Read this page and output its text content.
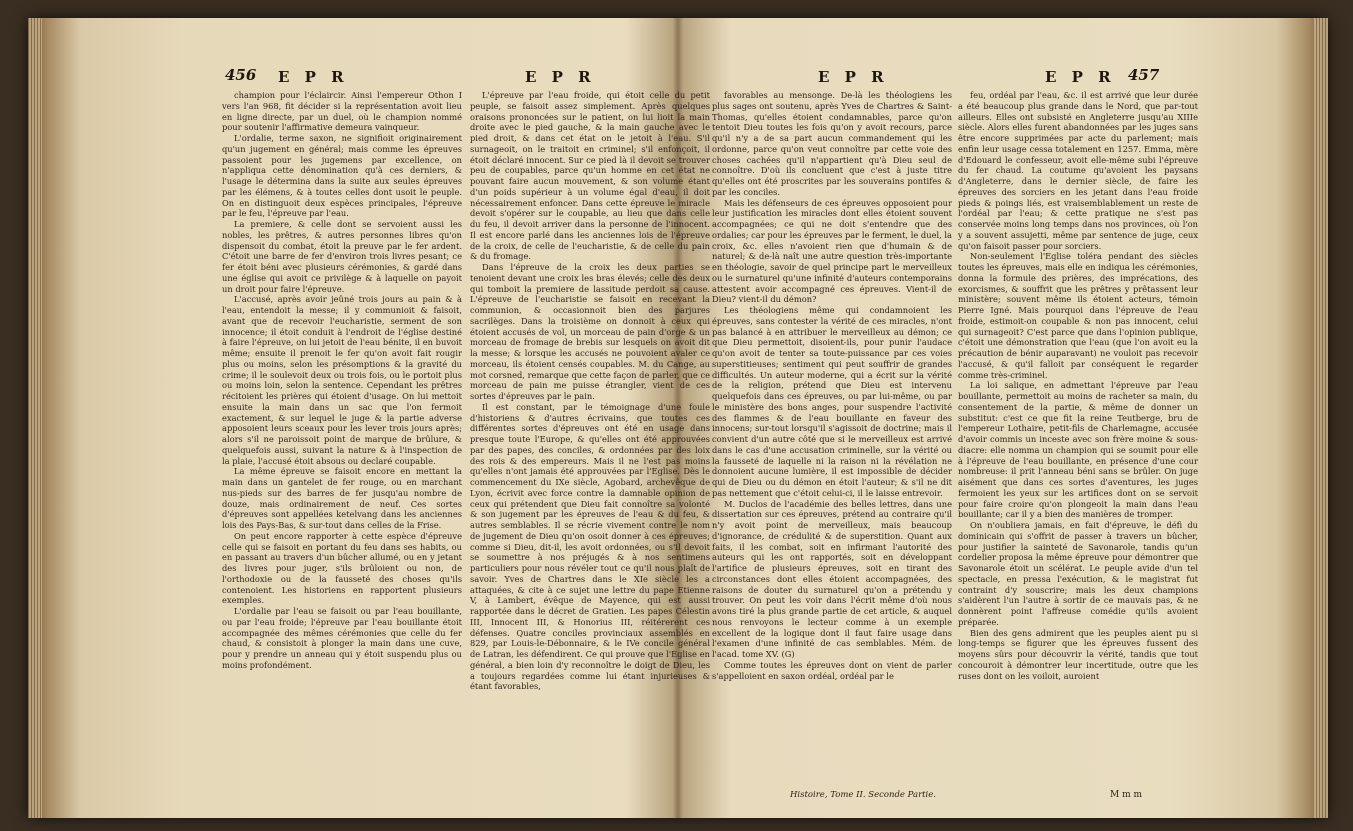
456 E P R	E P R	E P R	E P R 457

champion pour l'éclaircir. Ainsi l'empereur Othon I vers l'an 968, fit décider si la représentation avoit lieu en ligne directe, par un duel, où le champion nommé pour soutenir l'affirmative demeura vainqueur.

L'ordalie, terme saxon, ne signifioit originairement qu'un jugement en général; mais comme les épreuves passoient pour les jugemens par excellence, on n'appliqua cette dénomination qu'à ces derniers, & l'usage le détermina dans la suite aux seules épreuves par les élémens, & à toutes celles dont usoit le peuple. On en distinguoit deux espèces principales, l'épreuve par le feu, l'épreuve par l'eau.

La premiere, & celle dont se servoient aussi les nobles, les prêtres, & autres personnes libres qu'on dispensoit du combat, étoit la preuve par le fer ardent. C'étoit une barre de fer d'environ trois livres pesant; ce fer étoit béni avec plusieurs cérémonies, & gardé dans une église qui avoit ce privilège & à laquelle on payoit un droit pour faire l'épreuve.

L'accusé, après avoir jeûné trois jours au pain & à l'eau, entendoit la messe; il y communioit & faisoit, avant que de recevoir l'eucharistie, serment de son innocence; il étoit conduit à l'endroit de l'église destiné à faire l'épreuve, on lui jetoit de l'eau bénite, il en buvoit même; ensuite il prenoit le fer qu'on avoit fait rougir plus ou moins, selon les présomptions & la gravité du crime; il le soulevoit deux ou trois fois, ou le portoit plus ou moins loin, selon la sentence. Cependant les prêtres récitoient les prières qui étoient d'usage. On lui mettoit ensuite la main dans un sac que l'on fermoit exactement, & sur lequel le juge & la partie adverse apposoient leurs sceaux pour les lever trois jours après; alors s'il ne paroissoit point de marque de brûlure, & quelquefois aussi, suivant la nature & à l'inspection de la plaie, l'accusé étoit absous ou declaré coupable.

La même épreuve se faisoit encore en mettant la main dans un gantelet de fer rouge, ou en marchant nus-pieds sur des barres de fer jusqu'au nombre de douze, mais ordinairement de neuf. Ces sortes d'épreuves sont appellées ketelvang dans les anciennes lois des Pays-Bas, & sur-tout dans celles de la Frise.

On peut encore rapporter à cette espèce d'épreuve celle qui se faisoit en portant du feu dans ses habits, ou en passant au travers d'un bûcher allumé, ou en y jetant des livres pour juger, s'ils brûloient ou non, de l'orthodoxie ou de la fausseté des choses qu'ils contenoient. Les historiens en rapportent plusieurs exemples.

L'ordalie par l'eau se faisoit ou par l'eau bouillante, ou par l'eau froide; l'épreuve par l'eau bouillante étoit accompagnée des mêmes cérémonies que celle du fer chaud, & consistoit à plonger la main dans une cuve, pour y prendre un anneau qui y étoit suspendu plus ou moins profondément.

L'épreuve par l'eau froide, qui étoit celle du petit peuple, se faisoit assez simplement. Après quelques oraisons prononcées sur le patient, on lui lioit la main droite avec le pied gauche, & la main gauche avec le pied droit, & dans cet état on le jetoit à l'eau. S'il surnageoit, on le traitoit en criminel; s'il enfonçoit, il étoit déclaré innocent. Sur ce pied là il devoit se trouver peu de coupables, parce qu'un homme en cet état ne pouvant faire aucun mouvement, & son volume étant d'un poids supérieur à un volume égal d'eau, il doit nécessairement enfoncer. Dans cette épreuve le miracle devoit s'opérer sur le coupable, au lieu que dans celle du feu, il devoit arriver dans la personne de l'innocent. Il est encore parlé dans les anciennes lois de l'épreuve de la croix, de celle de l'eucharistie, & de celle du pain & du fromage.

Dans l'épreuve de la croix les deux parties se tenoient devant une croix les bras élevés; celle des deux qui tomboit la premiere de lassitude perdoit sa cause. L'épreuve de l'eucharistie se faisoit en recevant la communion, & occasionnoit bien des parjures sacrilèges. Dans la troisième on donnoit à ceux qui étoient accusés de vol, un morceau de pain d'orge & un morceau de fromage de brebis sur lesquels on avoit dit la messe; & lorsque les accusés ne pouvoient avaler ce morceau, ils étoient censés coupables. M. du Cange, au mot corsned, remarque que cette façon de parler, que ce morceau de pain me puisse étrangler, vient de ces sortes d'épreuves par le pain.

Il est constant, par le témoignage d'une foule d'historiens & d'autres écrivains, que toutes ces différentes sortes d'épreuves ont été en usage dans presque toute l'Europe, & qu'elles ont été approuvées par des papes, des conciles, & ordonnées par des loix des rois & des empereurs. Mais il ne l'est pas moins qu'elles n'ont jamais été approuvées par l'Eglise. Dès le commencement du IXe siècle, Agobard, archevêque de Lyon, écrivit avec force contre la damnable opinion de ceux qui prétendent que Dieu fait connoître sa volonté & son jugement par les épreuves de l'eau & du feu, & autres semblables. Il se récrie vivement contre le nom de jugement de Dieu qu'on osoit donner à ces épreuves; comme si Dieu, dit-il, les avoit ordonnées, ou s'il devoit se soumettre à nos préjugés & à nos sentimens particuliers pour nous révéler tout ce qu'il nous plaît de savoir. Yves de Chartres dans le XIe siècle les a attaquées, & cite à ce sujet une lettre du pape Etienne V, à Lambert, évêque de Mayence, qui est aussi rapportée dans le décret de Gratien. Les papes Célestin III, Innocent III, & Honorius III, réitérerent ces défenses. Quatre conciles provinciaux assemblés en 829, par Louis-le-Débonnaire, & le IVe concile général de Latran, les défendirent. Ce qui prouve que l'Eglise en général, a bien loin d'y reconnoître le doigt de Dieu, les a toujours regardées comme lui étant injurieuses & étant favorables,

favorables au mensonge. De-là les théologiens les plus sages ont soutenu, après Yves de Chartres & Saint-Thomas, qu'elles étoient condamnables, parce qu'on tentoit Dieu toutes les fois qu'on y avoit recours, parce qu'il n'y a de sa part aucun commandement qui les ordonne, parce qu'on veut connoître par cette voie des choses cachées qu'il n'appartient qu'à Dieu seul de connoître. D'où ils concluent que c'est à juste titre qu'elles ont été proscrites par les souverains pontifes & par les conciles.

Mais les défenseurs de ces épreuves opposoient pour leur justification les miracles dont elles étoient souvent accompagnées; ce qui ne doit s'entendre que des ordalies; car pour les épreuves par le ferment, le duel, la croix, &c. elles n'avoient rien que d'humain & de naturel; & de-là naît une autre question très-importante en théologie, savoir de quel principe part le merveilleux ou le surnaturel qu'une infinité d'auteurs contemporains attestent avoir accompagné ces épreuves. Vient-il de Dieu? vient-il du démon?

Les théologiens même qui condamnoient les épreuves, sans contester la vérité de ces miracles, n'ont pas balancé à en attribuer le merveilleux au démon; ce que Dieu permettoit, disoient-ils, pour punir l'audace qu'on avoit de tenter sa toute-puissance par ces voies superstitieuses; sentiment qui peut souffrir de grandes difficultés. Un auteur moderne, qui a écrit sur la vérité de la religion, prétend que Dieu est intervenu quelquefois dans ces épreuves, ou par lui-même, ou par le ministère des bons anges, pour suspendre l'activité des flammes & de l'eau bouillante en faveur des innocens; sur-tout lorsqu'il s'agissoit de doctrine; mais il convient d'un autre côté que si le merveilleux est arrivé dans le cas d'une accusation criminelle, sur la vérité ou la fausseté de laquelle ni la raison ni la révélation ne donnoient aucune lumière, il est impossible de décider qui de Dieu ou du démon en étoit l'auteur; & s'il ne dit pas nettement que c'étoit celui-ci, il le laisse entrevoir.

M. Duclos de l'académie des belles lettres, dans une dissertation sur ces épreuves, prétend au contraire qu'il n'y avoit point de merveilleux, mais beaucoup d'ignorance, de crédulité & de superstition. Quant aux faits, il les combat, soit en infirmant l'autorité des auteurs qui les ont rapportés, soit en développant l'artifice de plusieurs épreuves, soit en tirant des circonstances dont elles étoient accompagnées, des raisons de douter du surnaturel qu'on a prétendu y trouver. On peut les voir dans l'écrit même d'où nous avons tiré la plus grande partie de cet article, & auquel nous renvoyons le lecteur comme à un exemple excellent de la logique dont il faut faire usage dans l'examen d'une infinité de cas semblables. Mém. de l'acad. tome XV. (G)

Comme toutes les épreuves dont on vient de parler s'appelloient en saxon ordéal, ordéal par le

feu, ordéal par l'eau, &c. il est arrivé que leur durée a été beaucoup plus grande dans le Nord, que par-tout ailleurs. Elles ont subsisté en Angleterre jusqu'au XIIIe siècle. Alors elles furent abandonnées par les juges sans être encore supprimées par acte du parlement; mais enfin leur usage cessa totalement en 1257. Emma, mère d'Edouard le confesseur, avoit elle-même subi l'épreuve du fer chaud. La coutume qu'avoient les paysans d'Angleterre, dans le dernier siècle, de faire les épreuves des sorciers en les jetant dans l'eau froide pieds & poings liés, est vraisemblablement un reste de l'ordéal par l'eau; & cette pratique ne s'est pas conservée moins long temps dans nos provinces, où l'on y a souvent assujetti, même par sentence de juge, ceux qu'on faisoit passer pour sorciers.

Non-seulement l'Eglise toléra pendant des siècles toutes les épreuves, mais elle en indiqua les cérémonies, donna la formule des prières, des imprécations, des exorcismes, & souffrit que les prêtres y prêtassent leur ministère; souvent même ils étoient acteurs, témoin Pierre Igné. Mais pourquoi dans l'épreuve de l'eau froide, estimoit-on coupable & non pas innocent, celui qui surnageoit? C'est parce que dans l'opinion publique, c'étoit une démonstration que l'eau (que l'on avoit eu la précaution de bénir auparavant) ne vouloit pas recevoir l'accusé, & qu'il falloit par conséquent le regarder comme très-criminel.

La loi salique, en admettant l'épreuve par l'eau bouillante, permettoit au moins de racheter sa main, du consentement de la partie, & même de donner un substitut: c'est ce que fit la reine Teutberge, bru de l'empereur Lothaire, petit-fils de Charlemagne, accusée d'avoir commis un inceste avec son frère moine & sous-diacre: elle nomma un champion qui se soumit pour elle à l'épreuve de l'eau bouillante, en présence d'une cour nombreuse: il prit l'anneau béni sans se brûler. On juge aisément que dans ces sortes d'aventures, les juges fermoient les yeux sur les artifices dont on se servoit pour faire croire qu'on plongeoit la main dans l'eau bouillante; car il y a bien des manières de tromper.

On n'oubliera jamais, en fait d'épreuve, le défi du dominicain qui s'offrit de passer à travers un bûcher, pour justifier la sainteté de Savonarole, tandis qu'un cordelier proposa la même épreuve pour démontrer que Savonarole étoit un scélérat. Le peuple avide d'un tel spectacle, en pressa l'exécution, & le magistrat fut contraint d'y souscrire; mais les deux champions s'aidèrent l'un l'autre à sortir de ce mauvais pas, & ne donnèrent point l'affreuse comédie qu'ils avoient préparée.

Bien des gens admirent que les peuples aient pu si long-temps se figurer que les épreuves fussent des moyens sûrs pour découvrir la vérité, tandis que tout concouroit à démontrer leur incertitude, outre que les ruses dont on les voiloit, auroient

Histoire, Tome II. Seconde Partie.	M m m
